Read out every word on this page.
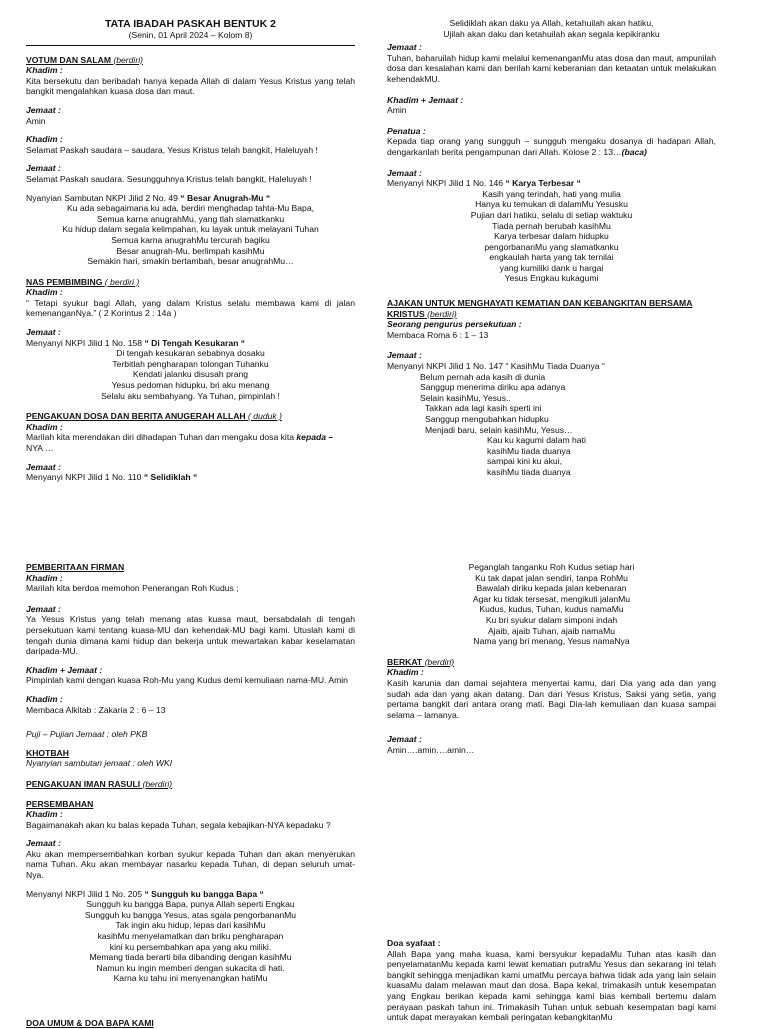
TATA IBADAH PASKAH BENTUK 2
(Senin, 01 April 2024 – Kolom 8)
VOTUM DAN SALAM (berdiri)
Khadim :
Kita bersekutu dan beribadah hanya kepada Allah di dalam Yesus Kristus yang telah bangkit mengalahkan kuasa dosa dan maut.
Jemaat :
Amin
Khadim :
Selamat Paskah saudara – saudara, Yesus Kristus telah bangkit, Haleluyah !
Jemaat :
Selamat Paskah saudara. Sesungguhnya Kristus telah bangkit, Haleluyah !
Nyanyian Sambutan NKPI Jilid 2 No. 49 “ Besar Anugrah-Mu “
Ku ada sebagaimana ku ada, berdiri menghadap tahta-Mu Bapa,
Semua karna anugrahMu, yang tlah slamatkanku
Ku hidup dalam segala kelimpahan, ku layak untuk melayani Tuhan
Semua karna anugrahMu tercurah bagiku
Besar anugrah-Mu, berlimpah kasihMu
Semakin hari, smakin bertambah, besar anugrahMu…
NAS PEMBIMBING ( berdiri )
Khadim :
“ Tetapi syukur bagi Allah, yang dalam Kristus selalu membawa kami di jalan kemenanganNya.” ( 2 Korintus 2 : 14a )
Jemaat :
Menyanyi NKPI Jilid 1 No. 158 “ Di Tengah Kesukaran “
Di tengah kesukaran sebabnya dosaku
Terbitlah pengharapan tolongan Tuhanku
Kendati jalanku disusah prang
Yesus pedoman hidupku, bri aku menang
Selalu aku sembahyang. Ya Tuhan, pimpinlah !
PENGAKUAN DOSA DAN BERITA ANUGERAH ALLAH ( duduk )
Khadim :
Marilah kita merendakan diri dihadapan Tuhan dan mengaku dosa kita kepada –
NYA …
Jemaat :
Menyanyi NKPI Jilid 1 No. 110 “ Selidiklah “
Selidiklah akan daku ya Allah, ketahuilah akan hatiku,
Ujilah akan daku dan ketahuilah akan segala kepikiranku
Jemaat :
Tuhan, baharuilah hidup kami melalui kemenanganMu atas dosa dan maut, ampunilah dosa dan kesalahan kami dan berilah kami keberanian dan ketaatan untuk melakukan kehendakMU.
Khadim + Jemaat :
Amin
Penatua :
Kepada tiap orang yang sungguh – sungguh mengaku dosanya di hadapan Allah, dengarkanlah berita pengampunan dari Allah. Kolose 2 : 13…(baca)
Jemaat :
Menyanyi NKPI Jilid 1 No. 146 “ Karya Terbesar “
Kasih yang terindah, hati yang mulia
Hanya ku temukan di dalamMu Yesusku
Pujian dari hatiku, selalu di setiap waktuku
Tiada pernah berubah kasihMu
Karya terbesar dalam hidupku
pengorbananMu yang slamatkanku
engkaulah harta yang tak ternilai
yang kumiliki dank u hargai
Yesus Engkau kukagumi
AJAKAN UNTUK MENGHAYATI KEMATIAN DAN KEBANGKITAN BERSAMA KRISTUS (berdiri)
Seorang pengurus persekutuan :
Membaca Roma 6 : 1 – 13
Jemaat :
Menyanyi NKPI Jilid 1 No. 147 “ KasihMu Tiada Duanya “
Belum pernah ada kasih di dunia
Sanggup menerima diriku apa adanya
Selain kasihMu, Yesus..
Takkan ada lagi kasih sperti ini
Sanggup mengubahkan hidupku
Menjadi baru, selain kasihMu, Yesus…
Kau ku kagumi dalam hati
kasihMu tiada duanya
sampai kini ku akui,
kasihMu tiada duanya
PEMBERITAAN FIRMAN
Khadim :
Marilah kita berdoa memohon Penerangan Roh Kudus ;
Jemaat :
Ya Yesus Kristus yang telah menang atas kuasa maut, bersabdalah di tengah persekutuan kami tentang kuasa-MU dan kehendak-MU bagi kami. Utuslah kami di tengah dunia dimana kami hidup dan bekerja untuk mewartakan kabar keselamatan daripada-MU.
Khadim + Jemaat :
Pimpinlah kami dengan kuasa Roh-Mu yang Kudus demi kemuliaan nama-MU. Amin
Khadim :
Membaca Alkitab : Zakaria 2 : 6 – 13
Puji – Pujian Jemaat : oleh PKB
KHOTBAH
Nyanyian sambutan jemaat : oleh WKI
PENGAKUAN IMAN RASULI (berdiri)
PERSEMBAHAN
Khadim :
Bagaimanakah akan ku balas kepada Tuhan, segala kebajikan-NYA kepadaku ?
Jemaat :
Aku akan mempersembahkan korban syukur kepada Tuhan dan akan menyerukan nama Tuhan. Aku akan membayar nasarku kepada Tuhan, di depan seluruh umat-Nya.
Menyanyi NKPI Jilid 1 No. 205 “ Sungguh ku bangga Bapa “
Sungguh ku bangga Bapa, punya Allah seperti Engkau
Sungguh ku bangga Yesus, atas sgala pengorbananMu
Tak ingin aku hidup, lepas dari kasihMu
kasihMu menyelamatkan dan briku pengharapan
kini ku persembahkan apa yang aku miliki.
Memang tiada berarti bila dibanding dengan kasihMu
Namun ku ingin memberi dengan sukacita di hati.
Karna ku tahu ini menyenangkan hatiMu
DOA UMUM & DOA BAPA KAMI
Peganglah tanganku Roh Kudus setiap hari
Ku tak dapat jalan sendiri, tanpa RohMu
Bawalah diriku kepada jalan kebenaran
Agar ku tidak tersesat, mengikuti jalanMu
Kudus, kudus, Tuhan, kudus namaMu
Ku bri syukur dalam simponi indah
Ajaib, ajaib Tuhan, ajaib namaMu
Nama yang bri menang, Yesus namaNya
BERKAT (berdiri)
Khadim :
Kasih karunia dan damai sejahtera menyertai kamu, dari Dia yang ada dan yang sudah ada dan yang akan datang. Dan dari Yesus Kristus, Saksi yang setia, yang pertama bangkit dari antara orang mati. Bagi Dia-lah kemuliaan dan kuasa sampai selama – lamanya.
Jemaat :
Amin….amin….amin…
Doa syafaat :
Allah Bapa yang maha kuasa, kami bersyukur kepadaMu Tuhan atas kasih dan penyelamatanMu kepada kami lewat kematian putraMu Yesus dan sekarang ini telah bangkit sehingga menjadikan kami umatMu percaya bahwa tidak ada yang lain selain kuasaMu dalam melawan maut dan dosa. Bapa kekal, trimakasih untuk kesempatan yang Engkau berikan kepada kami sehingga kami bias kembali bertemu dalam perayaan paskah tahun ini. Trimakasih Tuhan untuk sebuah kesempatan bagi kami untuk dapat merayakan kembali peringatan kebangkitanMu
